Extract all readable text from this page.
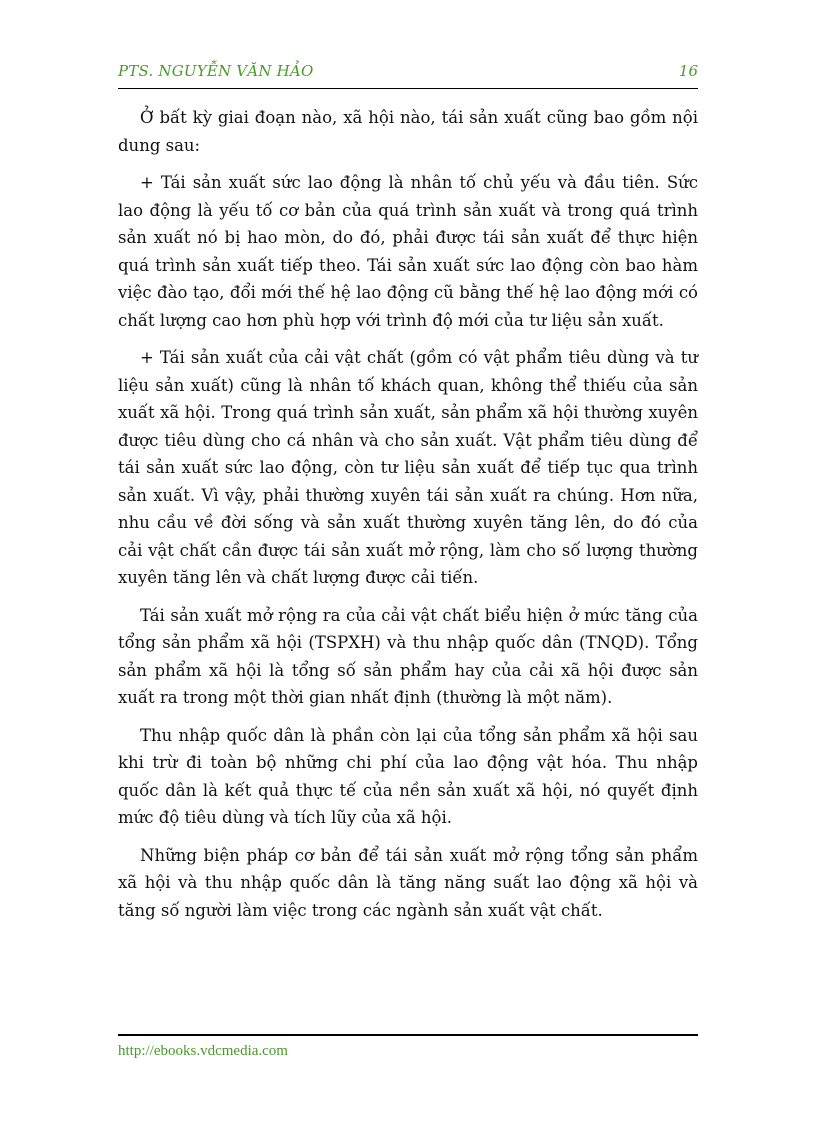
PTS. NGUYỄN VĂN HẢO	16

Ở bất kỳ giai đoạn nào, xã hội nào, tái sản xuất cũng bao gồm nội dung sau:

+ Tái sản xuất sức lao động là nhân tố chủ yếu và đầu tiên. Sức lao động là yếu tố cơ bản của quá trình sản xuất và trong quá trình sản xuất nó bị hao mòn, do đó, phải được tái sản xuất để thực hiện quá trình sản xuất tiếp theo. Tái sản xuất sức lao động còn bao hàm việc đào tạo, đổi mới thế hệ lao động cũ bằng thế hệ lao động mới có chất lượng cao hơn phù hợp với trình độ mới của tư liệu sản xuất.

+ Tái sản xuất của cải vật chất (gồm có vật phẩm tiêu dùng và tư liệu sản xuất) cũng là nhân tố khách quan, không thể thiếu của sản xuất xã hội. Trong quá trình sản xuất, sản phẩm xã hội thường xuyên được tiêu dùng cho cá nhân và cho sản xuất. Vật phẩm tiêu dùng để tái sản xuất sức lao động, còn tư liệu sản xuất để tiếp tục qua trình sản xuất. Vì vậy, phải thường xuyên tái sản xuất ra chúng. Hơn nữa, nhu cầu về đời sống và sản xuất thường xuyên tăng lên, do đó của cải vật chất cần được tái sản xuất mở rộng, làm cho số lượng thường xuyên tăng lên và chất lượng được cải tiến.

Tái sản xuất mở rộng ra của cải vật chất biểu hiện ở mức tăng của tổng sản phẩm xã hội (TSPXH) và thu nhập quốc dân (TNQD). Tổng sản phẩm xã hội là tổng số sản phẩm hay của cải xã hội được sản xuất ra trong một thời gian nhất định (thường là một năm).

Thu nhập quốc dân là phần còn lại của tổng sản phẩm xã hội sau khi trừ đi toàn bộ những chi phí của lao động vật hóa. Thu nhập quốc dân là kết quả thực tế của nền sản xuất xã hội, nó quyết định mức độ tiêu dùng và tích lũy của xã hội.

Những biện pháp cơ bản để tái sản xuất mở rộng tổng sản phẩm xã hội và thu nhập quốc dân là tăng năng suất lao động xã hội và tăng số người làm việc trong các ngành sản xuất vật chất.

http://ebooks.vdcmedia.com
